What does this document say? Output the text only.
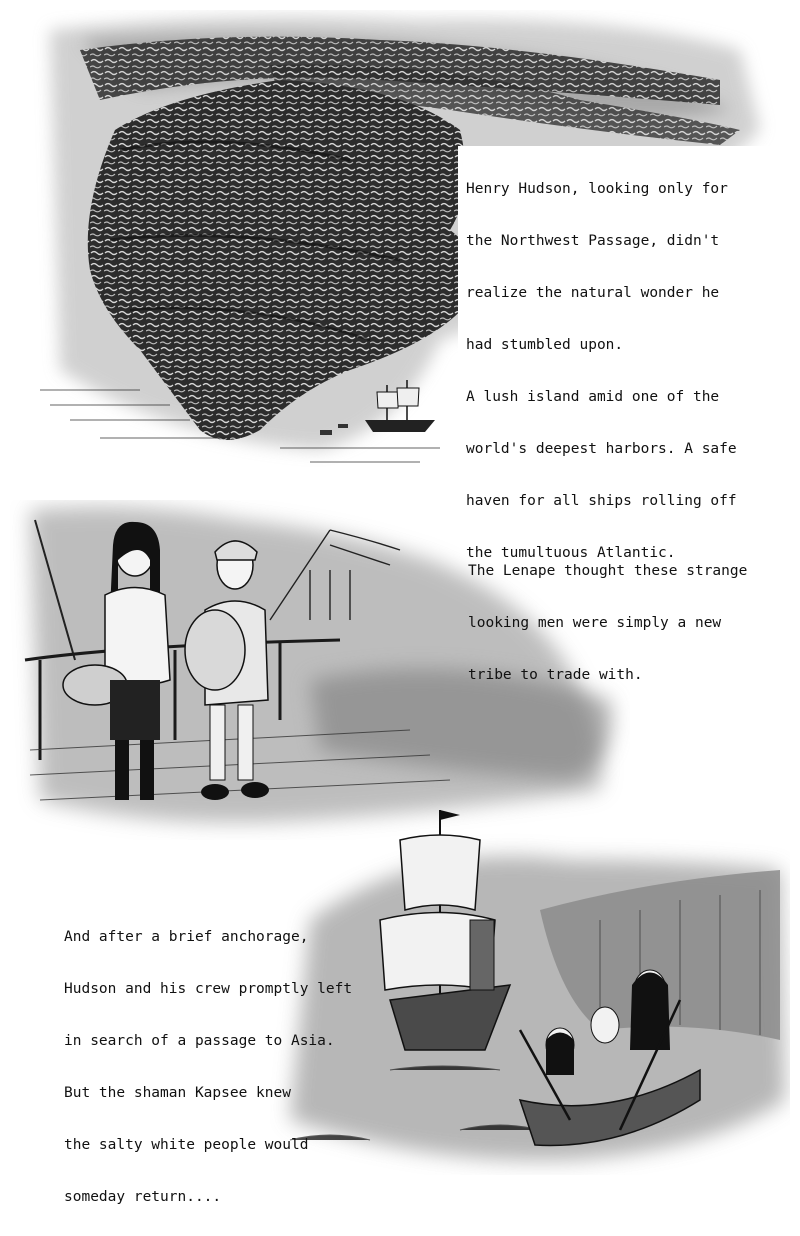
Henry Hudson, looking only for

the Northwest Passage, didn't

realize the natural wonder he

had stumbled upon.

A lush island amid one of the

world's deepest harbors. A safe

haven for all ships rolling off

the tumultuous Atlantic.

The Lenape thought these strange

looking men were simply a new

tribe to trade with.

And after a brief anchorage,

Hudson and his crew promptly left

in search of a passage to Asia.

But the shaman Kapsee knew

the salty white people would

someday return....
